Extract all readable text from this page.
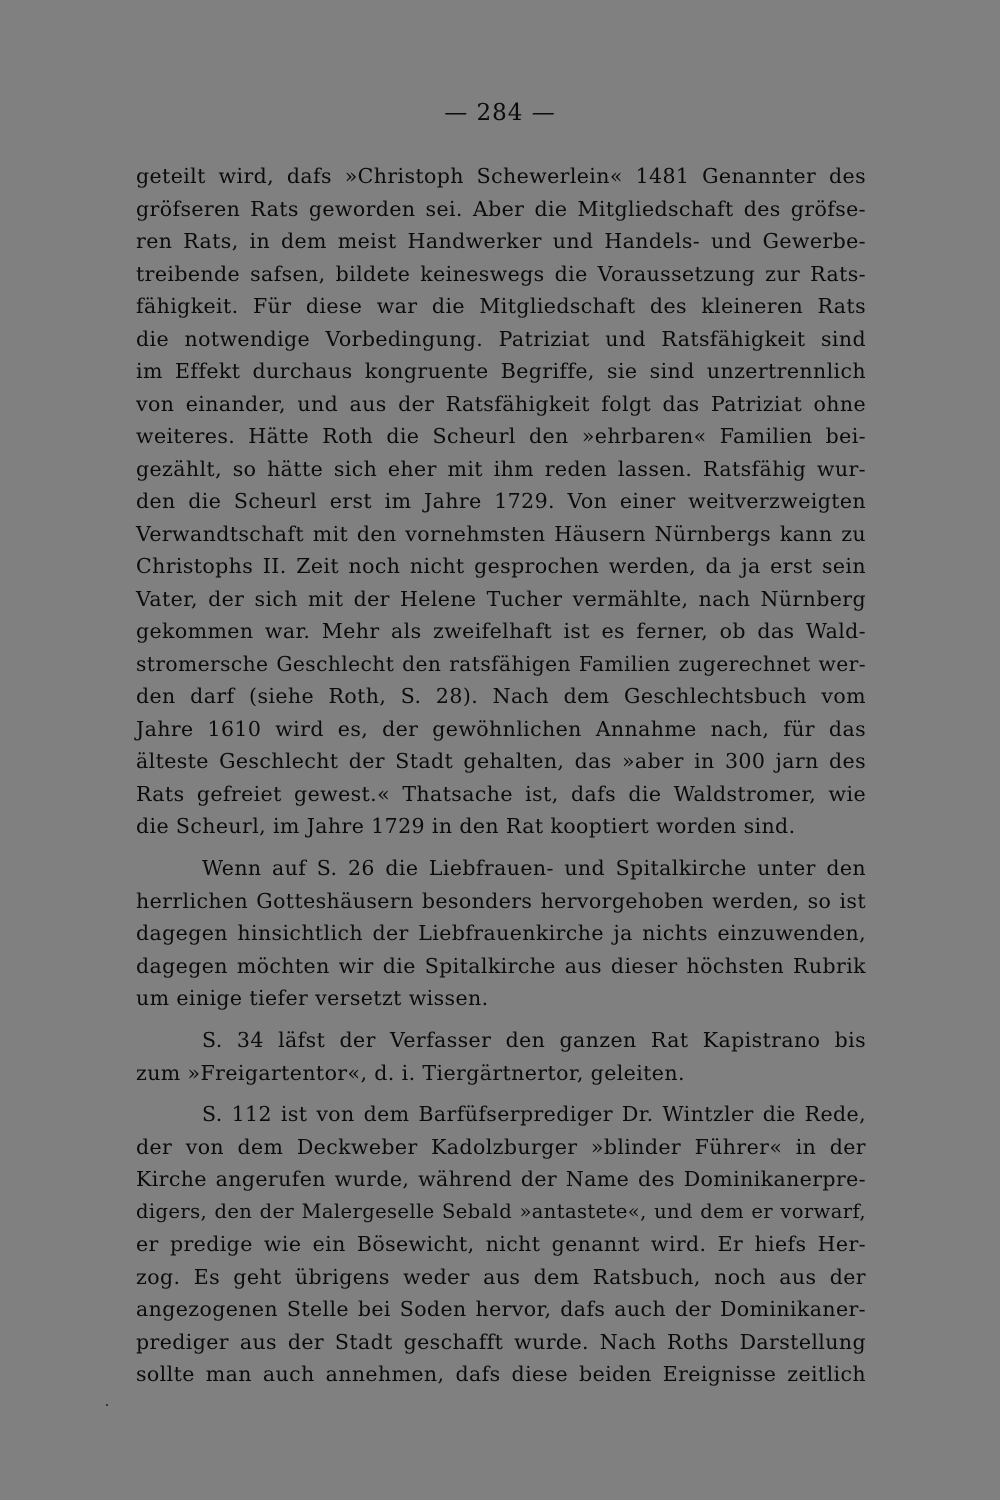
— 284 —
geteilt wird, dafs »Christoph Schewerlein« 1481 Genannter des
gröfseren Rats geworden sei. Aber die Mitgliedschaft des gröfse-
ren Rats, in dem meist Handwerker und Handels- und Gewerbe-
treibende safsen, bildete keineswegs die Voraussetzung zur Rats-
fähigkeit. Für diese war die Mitgliedschaft des kleineren Rats
die notwendige Vorbedingung. Patriziat und Ratsfähigkeit sind
im Effekt durchaus kongruente Begriffe, sie sind unzertrennlich
von einander, und aus der Ratsfähigkeit folgt das Patriziat ohne
weiteres. Hätte Roth die Scheurl den »ehrbaren« Familien bei-
gezählt, so hätte sich eher mit ihm reden lassen. Ratsfähig wur-
den die Scheurl erst im Jahre 1729. Von einer weitverzweigten
Verwandtschaft mit den vornehmsten Häusern Nürnbergs kann zu
Christophs II. Zeit noch nicht gesprochen werden, da ja erst sein
Vater, der sich mit der Helene Tucher vermählte, nach Nürnberg
gekommen war. Mehr als zweifelhaft ist es ferner, ob das Wald-
stromersche Geschlecht den ratsfähigen Familien zugerechnet wer-
den darf (siehe Roth, S. 28). Nach dem Geschlechtsbuch vom
Jahre 1610 wird es, der gewöhnlichen Annahme nach, für das
älteste Geschlecht der Stadt gehalten, das »aber in 300 jarn des
Rats gefreiet gewest.« Thatsache ist, dafs die Waldstromer, wie
die Scheurl, im Jahre 1729 in den Rat kooptiert worden sind.
Wenn auf S. 26 die Liebfrauen- und Spitalkirche unter den
herrlichen Gotteshäusern besonders hervorgehoben werden, so ist
dagegen hinsichtlich der Liebfrauenkirche ja nichts einzuwenden,
dagegen möchten wir die Spitalkirche aus dieser höchsten Rubrik
um einige tiefer versetzt wissen.
S. 34 läfst der Verfasser den ganzen Rat Kapistrano bis
zum »Freigartentor«, d. i. Tiergärtnertor, geleiten.
S. 112 ist von dem Barfüfserprediger Dr. Wintzler die Rede,
der von dem Deckweber Kadolzburger »blinder Führer« in der
Kirche angerufen wurde, während der Name des Dominikanerpre-
digers, den der Malergeselle Sebald »antastete«, und dem er vorwarf,
er predige wie ein Bösewicht, nicht genannt wird. Er hiefs Her-
zog. Es geht übrigens weder aus dem Ratsbuch, noch aus der
angezogenen Stelle bei Soden hervor, dafs auch der Dominikaner-
prediger aus der Stadt geschafft wurde. Nach Roths Darstellung
sollte man auch annehmen, dafs diese beiden Ereignisse zeitlich
